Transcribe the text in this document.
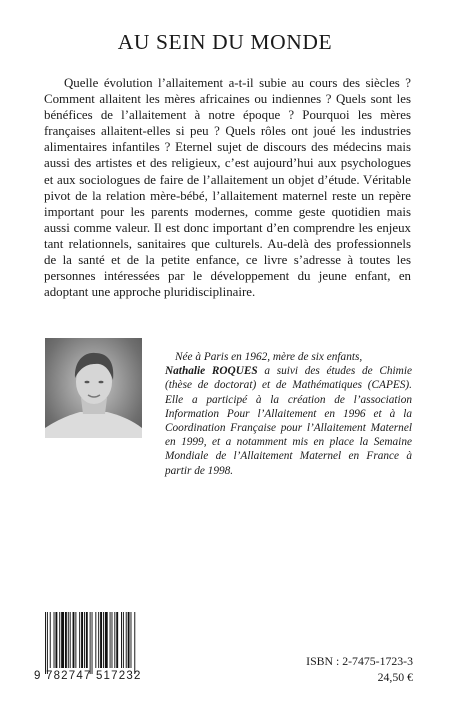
AU SEIN DU MONDE

Quelle évolution l’allaitement a-t-il subie au cours des siècles ? Comment allaitent les mères africaines ou indiennes ? Quels sont les bénéfices de l’allaitement à notre époque ? Pourquoi les mères françaises allaitent-elles si peu ? Quels rôles ont joué les industries alimentaires infantiles ? Eternel sujet de discours des médecins mais aussi des artistes et des religieux, c’est aujourd’hui aux psychologues et aux sociologues de faire de l’allaitement un objet d’étude. Véritable pivot de la relation mère-bébé, l’allaitement maternel reste un repère important pour les parents modernes, comme geste quotidien mais aussi comme valeur. Il est donc important d’en comprendre les enjeux tant relationnels, sanitaires que culturels. Au-delà des professionnels de la santé et de la petite enfance, ce livre s’adresse à toutes les personnes intéressées par le développement du jeune enfant, en adoptant une approche pluridisciplinaire.

Née à Paris en 1962, mère de six enfants,
Nathalie ROQUES a suivi des études de Chimie (thèse de doctorat) et de Mathématiques (CAPES). Elle a participé à la création de l’association Information Pour l’Allaitement en 1996 et à la Coordination Française pour l’Allaitement Maternel en 1999, et a notamment mis en place la Semaine Mondiale de l’Allaitement Maternel en France à partir de 1998.

9 782747 517232

ISBN : 2-7475-1723-3

24,50 €
